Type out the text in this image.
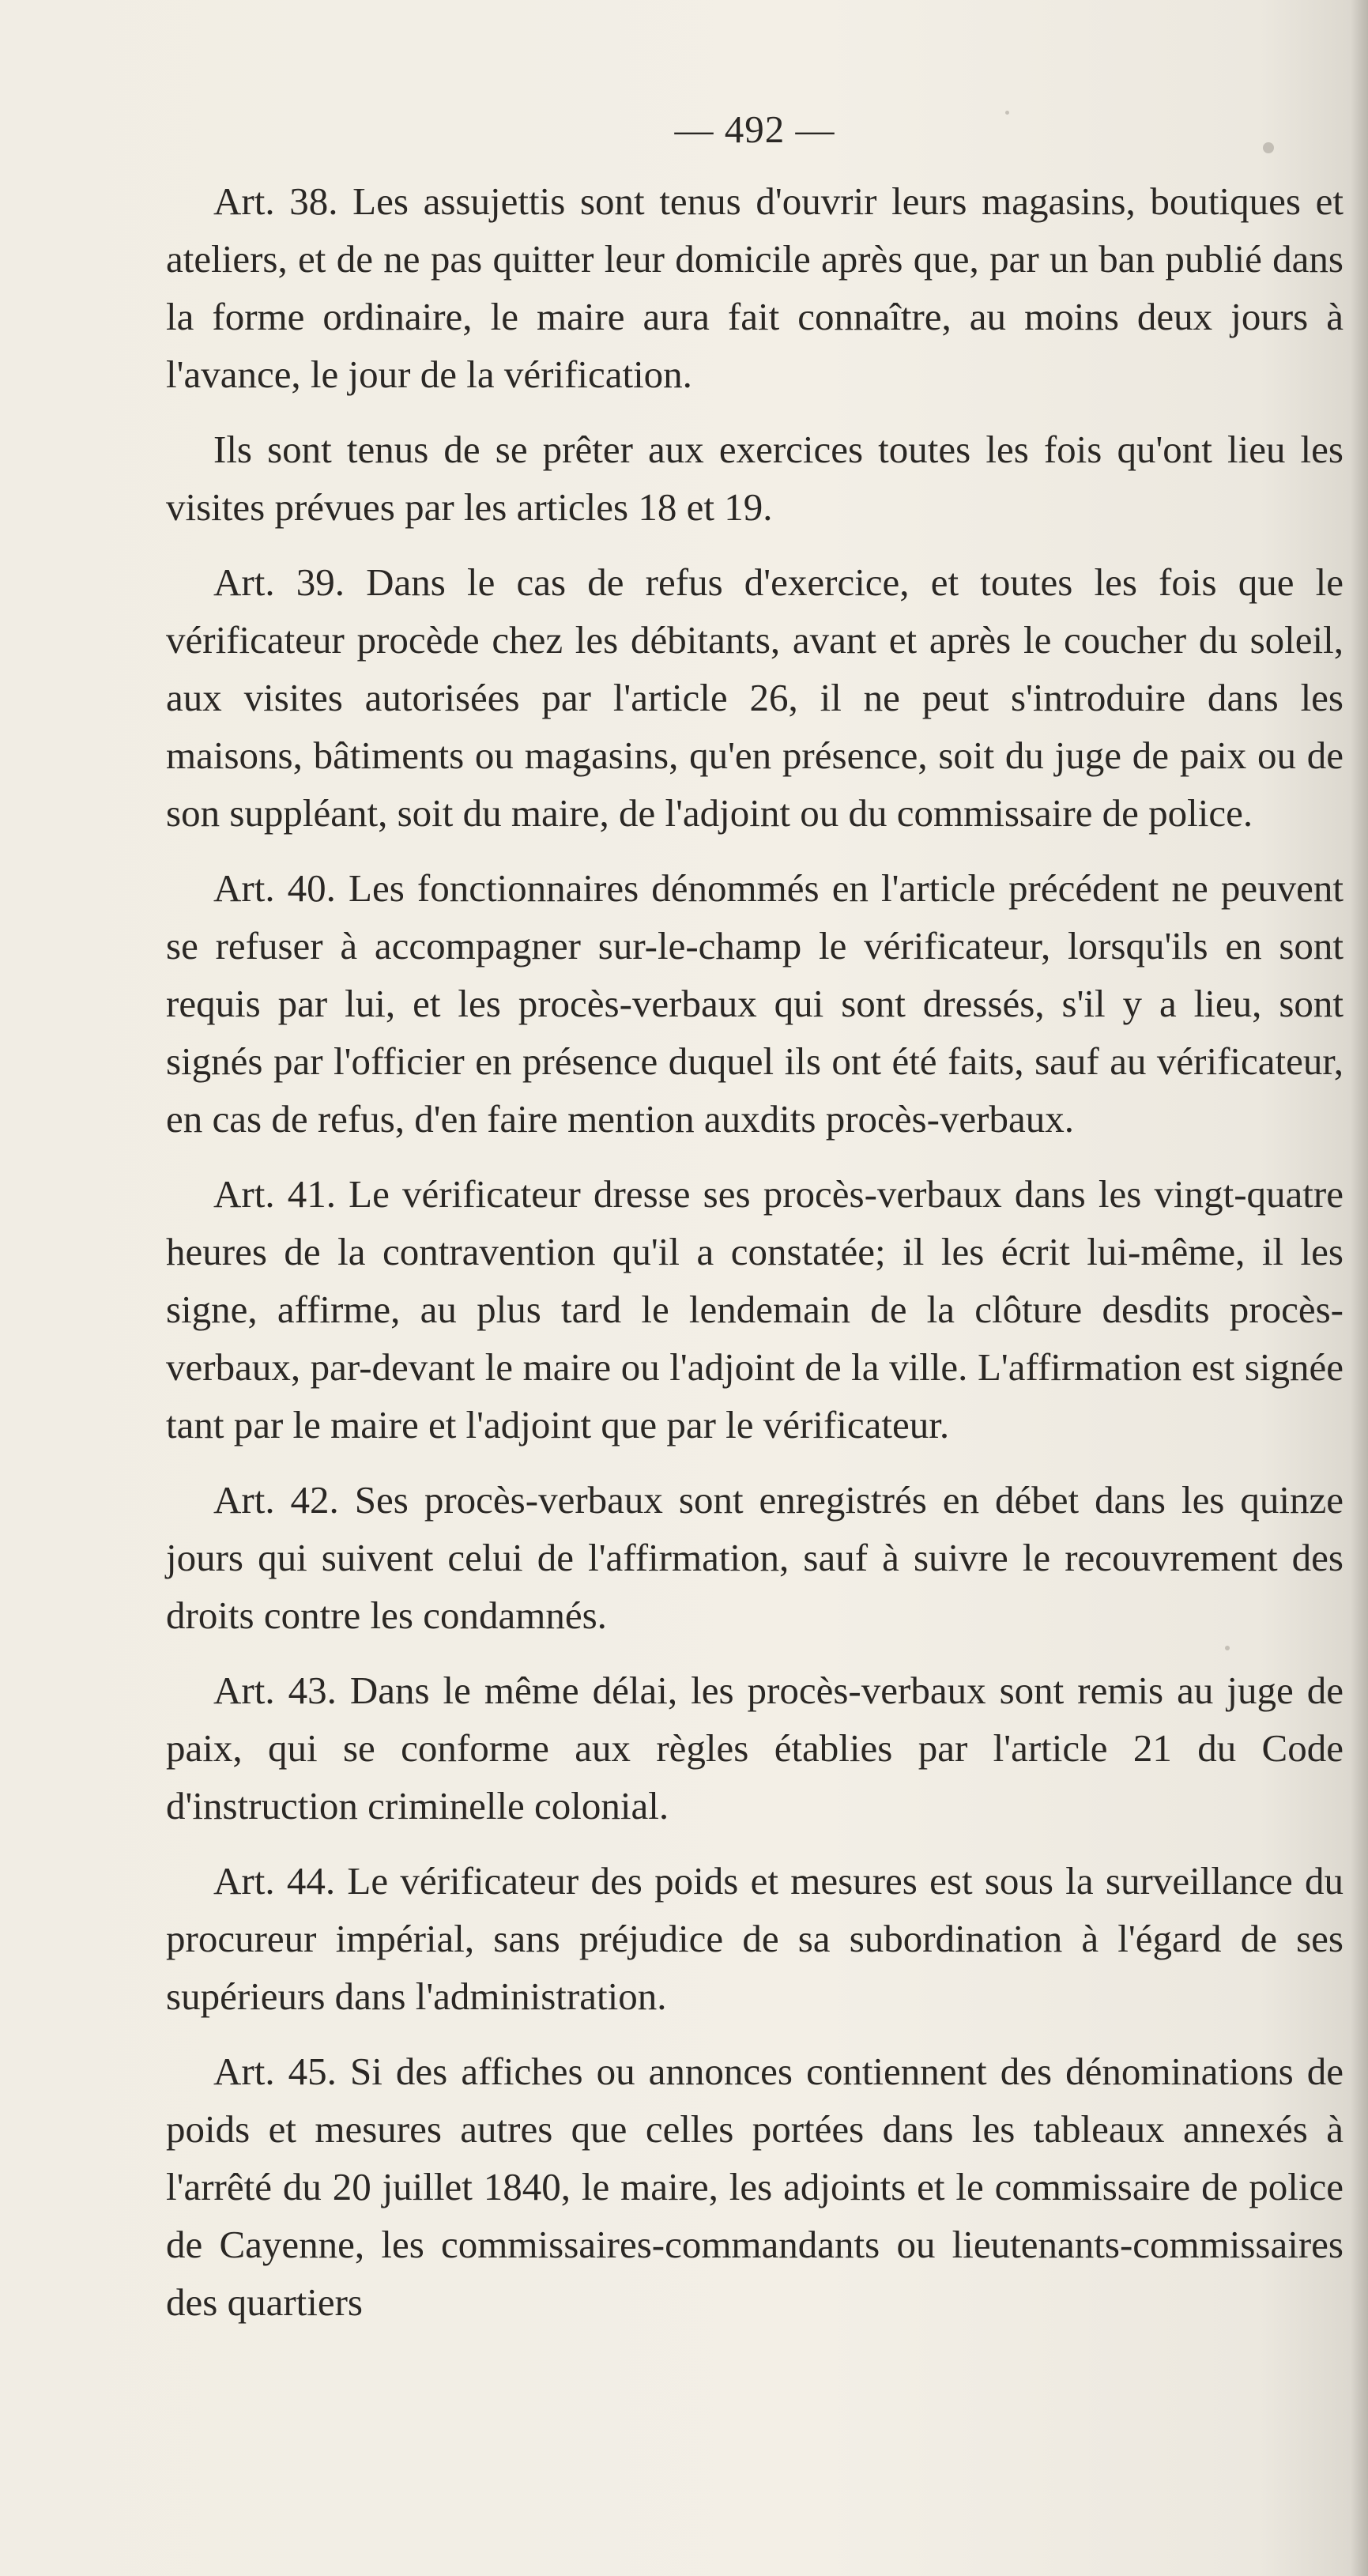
— 492 —

Art. 38. Les assujettis sont tenus d'ouvrir leurs magasins, boutiques et ateliers, et de ne pas quitter leur domicile après que, par un ban publié dans la forme ordinaire, le maire aura fait connaître, au moins deux jours à l'avance, le jour de la vérification.

Ils sont tenus de se prêter aux exercices toutes les fois qu'ont lieu les visites prévues par les articles 18 et 19.

Art. 39. Dans le cas de refus d'exercice, et toutes les fois que le vérificateur procède chez les débitants, avant et après le coucher du soleil, aux visites autorisées par l'article 26, il ne peut s'introduire dans les maisons, bâtiments ou magasins, qu'en présence, soit du juge de paix ou de son suppléant, soit du maire, de l'adjoint ou du commissaire de police.

Art. 40. Les fonctionnaires dénommés en l'article précédent ne peuvent se refuser à accompagner sur-le-champ le vérificateur, lorsqu'ils en sont requis par lui, et les procès-verbaux qui sont dressés, s'il y a lieu, sont signés par l'officier en présence duquel ils ont été faits, sauf au vérificateur, en cas de refus, d'en faire mention auxdits procès-verbaux.

Art. 41. Le vérificateur dresse ses procès-verbaux dans les vingt-quatre heures de la contravention qu'il a constatée; il les écrit lui-même, il les signe, affirme, au plus tard le lendemain de la clôture desdits procès-verbaux, par-devant le maire ou l'adjoint de la ville. L'affirmation est signée tant par le maire et l'adjoint que par le vérificateur.

Art. 42. Ses procès-verbaux sont enregistrés en débet dans les quinze jours qui suivent celui de l'affirmation, sauf à suivre le recouvrement des droits contre les condamnés.

Art. 43. Dans le même délai, les procès-verbaux sont remis au juge de paix, qui se conforme aux règles établies par l'article 21 du Code d'instruction criminelle colonial.

Art. 44. Le vérificateur des poids et mesures est sous la surveillance du procureur impérial, sans préjudice de sa subordination à l'égard de ses supérieurs dans l'administration.

Art. 45. Si des affiches ou annonces contiennent des dénominations de poids et mesures autres que celles portées dans les tableaux annexés à l'arrêté du 20 juillet 1840, le maire, les adjoints et le commissaire de police de Cayenne, les commissaires-commandants ou lieutenants-commissaires des quartiers
